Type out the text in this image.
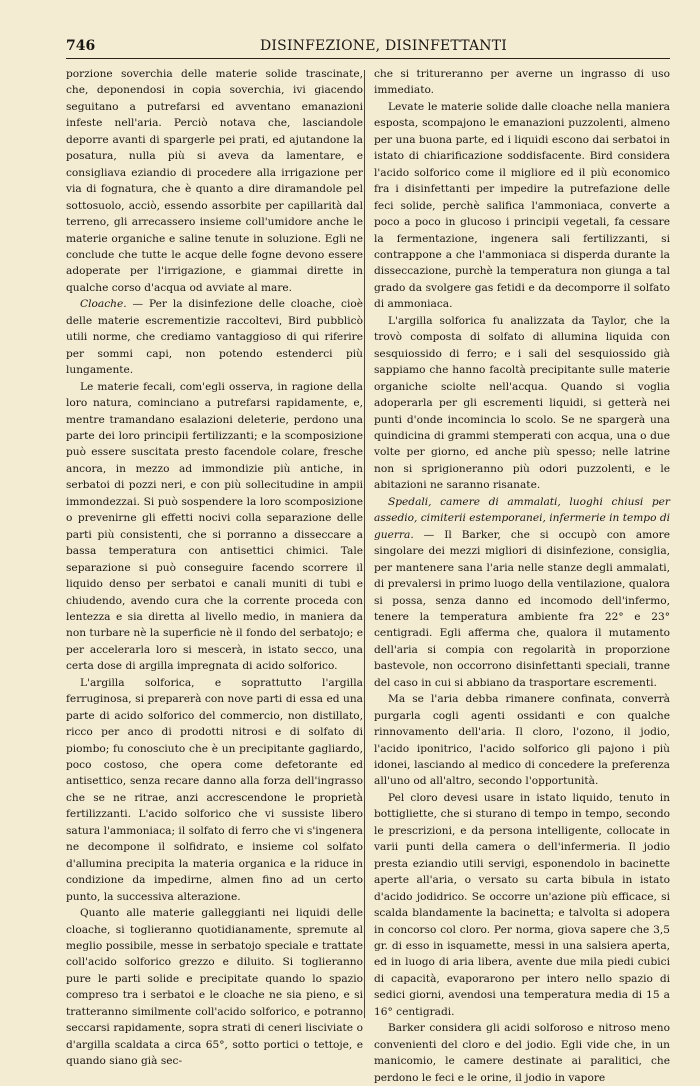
746	DISINFEZIONE, DISINFETTANTI

porzione soverchia delle materie solide trascinate, che, deponendosi in copia soverchia, ivi giacendo seguitano a putrefarsi ed avventano emanazioni infeste nell'aria. Perciò notava che, lasciandole deporre avanti di spargerle pei prati, ed ajutandone la posatura, nulla più si aveva da lamentare, e consigliava eziandio di procedere alla irrigazione per via di fognatura, che è quanto a dire diramandole pel sottosuolo, acciò, essendo assorbite per capillarità dal terreno, gli arrecassero insieme coll'umidore anche le materie organiche e saline tenute in soluzione. Egli ne conclude che tutte le acque delle fogne devono essere adoperate per l'irrigazione, e giammai dirette in qualche corso d'acqua od avviate al mare.

Cloache. — Per la disinfezione delle cloache, cioè delle materie escrementizie raccoltevi, Bird pubblicò utili norme, che crediamo vantaggioso di qui riferire per sommi capi, non potendo estenderci più lungamente.

Le materie fecali, com'egli osserva, in ragione della loro natura, cominciano a putrefarsi rapidamente, e, mentre tramandano esalazioni deleterie, perdono una parte dei loro principii fertilizzanti; e la scomposizione può essere suscitata presto facendole colare, fresche ancora, in mezzo ad immondizie più antiche, in serbatoi di pozzi neri, e con più sollecitudine in ampii immondezzai. Si può sospendere la loro scomposizione o prevenirne gli effetti nocivi colla separazione delle parti più consistenti, che si porranno a disseccare a bassa temperatura con antisettici chimici. Tale separazione si può conseguire facendo scorrere il liquido denso per serbatoi e canali muniti di tubi e chiudendo, avendo cura che la corrente proceda con lentezza e sia diretta al livello medio, in maniera da non turbare nè la superficie nè il fondo del serbatojo; e per accelerarla loro si mescerà, in istato secco, una certa dose di argilla impregnata di acido solforico.

L'argilla solforica, e soprattutto l'argilla ferruginosa, si preparerà con nove parti di essa ed una parte di acido solforico del commercio, non distillato, ricco per anco di prodotti nitrosi e di solfato di piombo; fu conosciuto che è un precipitante gagliardo, poco costoso, che opera come defetorante ed antisettico, senza recare danno alla forza dell'ingrasso che se ne ritrae, anzi accrescendone le proprietà fertilizzanti. L'acido solforico che vi sussiste libero satura l'ammoniaca; il solfato di ferro che vi s'ingenera ne decompone il solfidrato, e insieme col solfato d'allumina precipita la materia organica e la riduce in condizione da impedirne, almen fino ad un certo punto, la successiva alterazione.

Quanto alle materie galleggianti nei liquidi delle cloache, si toglieranno quotidianamente, spremute al meglio possibile, messe in serbatojo speciale e trattate coll'acido solforico grezzo e diluito. Si toglieranno pure le parti solide e precipitate quando lo spazio compreso tra i serbatoi e le cloache ne sia pieno, e si tratteranno similmente coll'acido solforico, e potranno seccarsi rapidamente, sopra strati di ceneri lisciviate o d'argilla scaldata a circa 65°, sotto portici o tettoje, e quando siano già sec-

che si tritureranno per averne un ingrasso di uso immediato.

Levate le materie solide dalle cloache nella maniera esposta, scompajono le emanazioni puzzolenti, almeno per una buona parte, ed i liquidi escono dai serbatoi in istato di chiarificazione soddisfacente. Bird considera l'acido solforico come il migliore ed il più economico fra i disinfettanti per impedire la putrefazione delle feci solide, perchè salifica l'ammoniaca, converte a poco a poco in glucoso i principii vegetali, fa cessare la fermentazione, ingenera sali fertilizzanti, si contrappone a che l'ammoniaca si disperda durante la disseccazione, purchè la temperatura non giunga a tal grado da svolgere gas fetidi e da decomporre il solfato di ammoniaca.

L'argilla solforica fu analizzata da Taylor, che la trovò composta di solfato di allumina liquida con sesquiossido di ferro; e i sali del sesquiossido già sappiamo che hanno facoltà precipitante sulle materie organiche sciolte nell'acqua. Quando si voglia adoperarla per gli escrementi liquidi, si getterà nei punti d'onde incomincia lo scolo. Se ne spargerà una quindicina di grammi stemperati con acqua, una o due volte per giorno, ed anche più spesso; nelle latrine non si sprigioneranno più odori puzzolenti, e le abitazioni ne saranno risanate.

Spedali, camere di ammalati, luoghi chiusi per assedio, cimiterii estemporanei, infermerie in tempo di guerra. — Il Barker, che si occupò con amore singolare dei mezzi migliori di disinfezione, consiglia, per mantenere sana l'aria nelle stanze degli ammalati, di prevalersi in primo luogo della ventilazione, qualora si possa, senza danno ed incomodo dell'infermo, tenere la temperatura ambiente fra 22° e 23° centigradi. Egli afferma che, qualora il mutamento dell'aria si compia con regolarità in proporzione bastevole, non occorrono disinfettanti speciali, tranne del caso in cui si abbiano da trasportare escrementi.

Ma se l'aria debba rimanere confinata, converrà purgarla cogli agenti ossidanti e con qualche rinnovamento dell'aria. Il cloro, l'ozono, il jodio, l'acido iponitrico, l'acido solforico gli pajono i più idonei, lasciando al medico di concedere la preferenza all'uno od all'altro, secondo l'opportunità.

Pel cloro devesi usare in istato liquido, tenuto in bottigliette, che si sturano di tempo in tempo, secondo le prescrizioni, e da persona intelligente, collocate in varii punti della camera o dell'infermeria. Il jodio presta eziandio utili servigi, esponendolo in bacinette aperte all'aria, o versato su carta bibula in istato d'acido jodidrico. Se occorre un'azione più efficace, si scalda blandamente la bacinetta; e talvolta si adopera in concorso col cloro. Per norma, giova sapere che 3,5 gr. di esso in isquamette, messi in una salsiera aperta, ed in luogo di aria libera, avente due mila piedi cubici di capacità, evaporarono per intero nello spazio di sedici giorni, avendosi una temperatura media di 15 a 16° centigradi.

Barker considera gli acidi solforoso e nitroso meno convenienti del cloro e del jodio. Egli vide che, in un manicomio, le camere destinate ai paralitici, che perdono le feci e le orine, il jodio in vapore
